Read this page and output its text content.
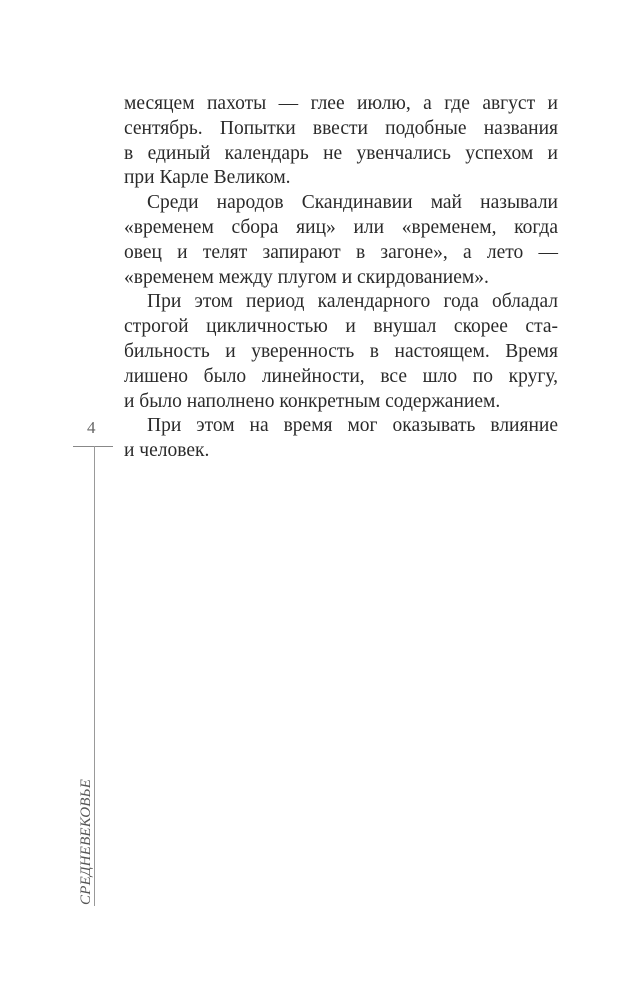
месяцем пахоты — глее июлю, а где август и
сентябрь. Попытки ввести подобные названия
в единый календарь не увенчались успехом и
при Карле Великом.
Среди народов Скандинавии май называли
«временем сбора яиц» или «временем, когда
овец и телят запирают в загоне», а лето —
«временем между плугом и скирдованием».
При этом период календарного года обладал
строгой цикличностью и внушал скорее ста-
бильность и уверенность в настоящем. Время
лишено было линейности, все шло по кругу,
и было наполнено конкретным содержанием.
При этом на время мог оказывать влияние
и человек.
4
СРЕДНЕВЕКОВЬЕ
